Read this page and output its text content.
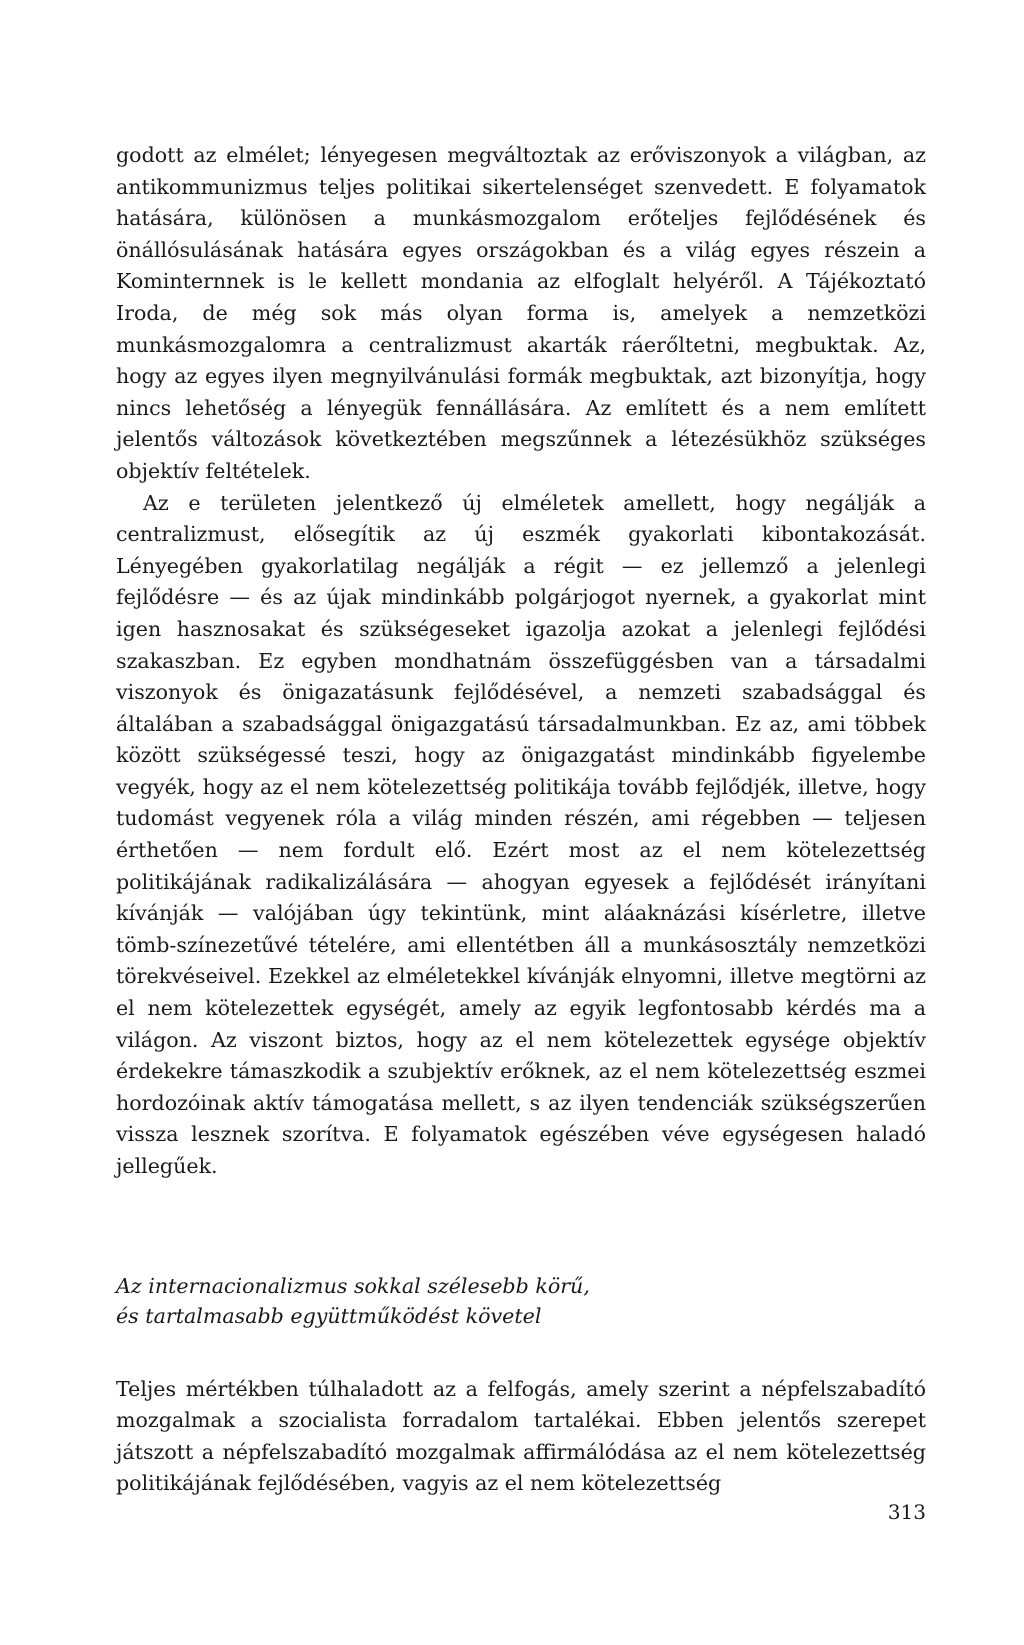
godott az elmélet; lényegesen megváltoztak az erőviszonyok a világban, az antikommunizmus teljes politikai sikertelenséget szenvedett. E folyamatok hatására, különösen a munkásmozgalom erőteljes fejlődésének és önállósulásának hatására egyes országokban és a világ egyes részein a Kominternnek is le kellett mondania az elfoglalt helyéről. A Tájékoztató Iroda, de még sok más olyan forma is, amelyek a nemzetközi munkásmozgalomra a centralizmust akarták ráerőltetni, megbuktak. Az, hogy az egyes ilyen megnyilvánulási formák megbuktak, azt bizonyítja, hogy nincs lehetőség a lényegük fennállására. Az említett és a nem említett jelentős változások következtében megszűnnek a létezésükhöz szükséges objektív feltételek.

Az e területen jelentkező új elméletek amellett, hogy negálják a centralizmust, elősegítik az új eszmék gyakorlati kibontakozását. Lényegében gyakorlatilag negálják a régit — ez jellemző a jelenlegi fejlődésre — és az újak mindinkább polgárjogot nyernek, a gyakorlat mint igen hasznosakat és szükségeseket igazolja azokat a jelenlegi fejlődési szakaszban. Ez egyben mondhatnám összefüggésben van a társadalmi viszonyok és önigazatásunk fejlődésével, a nemzeti szabadsággal és általában a szabadsággal önigazgatású társadalmunkban. Ez az, ami többek között szükségessé teszi, hogy az önigazgatást mindinkább figyelembe vegyék, hogy az el nem kötelezettség politikája tovább fejlődjék, illetve, hogy tudomást vegyenek róla a világ minden részén, ami régebben — teljesen érthetően — nem fordult elő. Ezért most az el nem kötelezettség politikájának radikalizálására — ahogyan egyesek a fejlődését irányítani kívánják — valójában úgy tekintünk, mint aláaknázási kísérletre, illetve tömb-színezetűvé tételére, ami ellentétben áll a munkásosztály nemzetközi törekvéseivel. Ezekkel az elméletekkel kívánják elnyomni, illetve megtörni az el nem kötelezettek egységét, amely az egyik legfontosabb kérdés ma a világon. Az viszont biztos, hogy az el nem kötelezettek egysége objektív érdekekre támaszkodik a szubjektív erőknek, az el nem kötelezettség eszmei hordozóinak aktív támogatása mellett, s az ilyen tendenciák szükségszerűen vissza lesznek szorítva. E folyamatok egészében véve egységesen haladó jellegűek.

Az internacionalizmus sokkal szélesebb körű,
és tartalmasabb együttműködést követel

Teljes mértékben túlhaladott az a felfogás, amely szerint a népfelszabadító mozgalmak a szocialista forradalom tartalékai. Ebben jelentős szerepet játszott a népfelszabadító mozgalmak affirmálódása az el nem kötelezettség politikájának fejlődésében, vagyis az el nem kötelezettség

313
